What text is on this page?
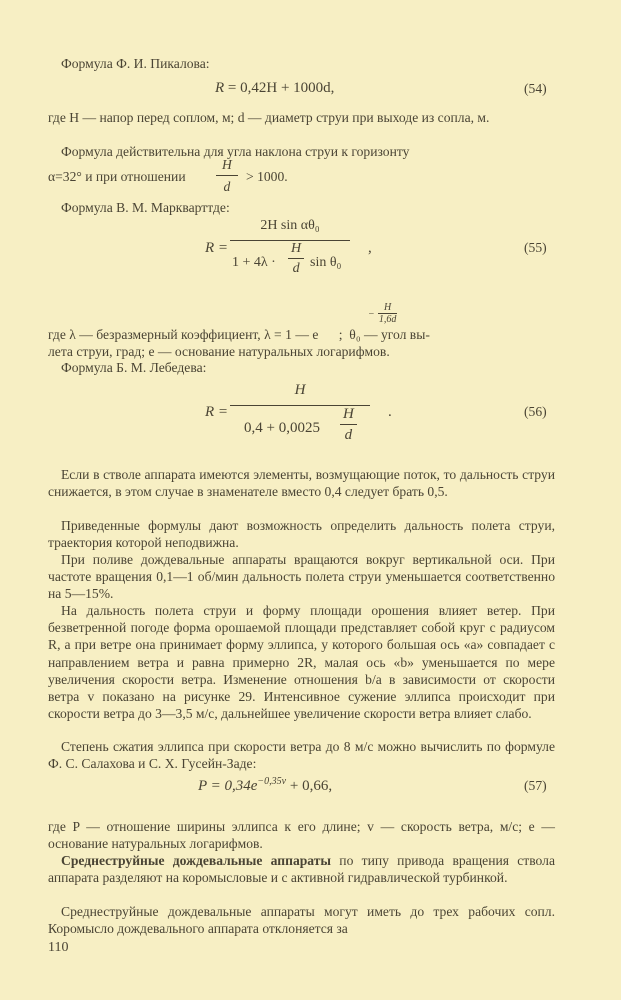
Формула Ф. И. Пикалова:
R = 0,42H + 1000d,	(54)
где H — напор перед соплом, м; d — диаметр струи при выходе из сопла, м.
Формула действительна для угла наклона струи к горизонту
α=32° и при отношении $\frac{H}{d} > 1000$.
Формула В. М. Маркварттде:
R =
2H sin αθ₀
$1 + 4\lambda \cdot \frac{H}{d}$ sin θ₀
,	(55)
−
H
1,6d
где λ — безразмерный коэффициент, λ = 1 — e      ;  θ₀ — угол вы-
лета струи, град; e — основание натуральных логарифмов.
Формула Б. М. Лебедева:
$R = \frac{H}{0,4 + 0,0025 \frac{H}{d}}$ .	(56)
Если в стволе аппарата имеются элементы, возмущающие поток, то дальность струи снижается, в этом случае в знаменателе вместо 0,4 следует брать 0,5.
Приведенные формулы дают возможность определить дальность полета струи, траектория которой неподвижна.
При поливе дождевальные аппараты вращаются вокруг вертикальной оси. При частоте вращения 0,1—1 об/мин дальность полета струи уменьшается соответственно на 5—15%.
На дальность полета струи и форму площади орошения влияет ветер. При безветренной погоде форма орошаемой площади представляет собой круг с радиусом R, а при ветре она принимает форму эллипса, у которого большая ось «a» совпадает с направлением ветра и равна примерно 2R, малая ось «b» уменьшается по мере увеличения скорости ветра. Изменение отношения b/a в зависимости от скорости ветра v показано на рисунке 29. Интенсивное сужение эллипса происходит при скорости ветра до 3—3,5 м/с, дальнейшее увеличение скорости ветра влияет слабо.
Степень сжатия эллипса при скорости ветра до 8 м/с можно вычислить по формуле Ф. С. Салахова и С. Х. Гусейн-Заде:
$P = 0,34e^{-0,35v} + 0,66$,	(57)
где P — отношение ширины эллипса к его длине; v — скорость ветра, м/с; e — основание натуральных логарифмов.
Среднеструйные дождевальные аппараты по типу привода вращения ствола аппарата разделяют на коромысловые и с активной гидравлической турбинкой.
Среднеструйные дождевальные аппараты могут иметь до трех рабочих сопл. Коромысло дождевального аппарата отклоняется за
110
